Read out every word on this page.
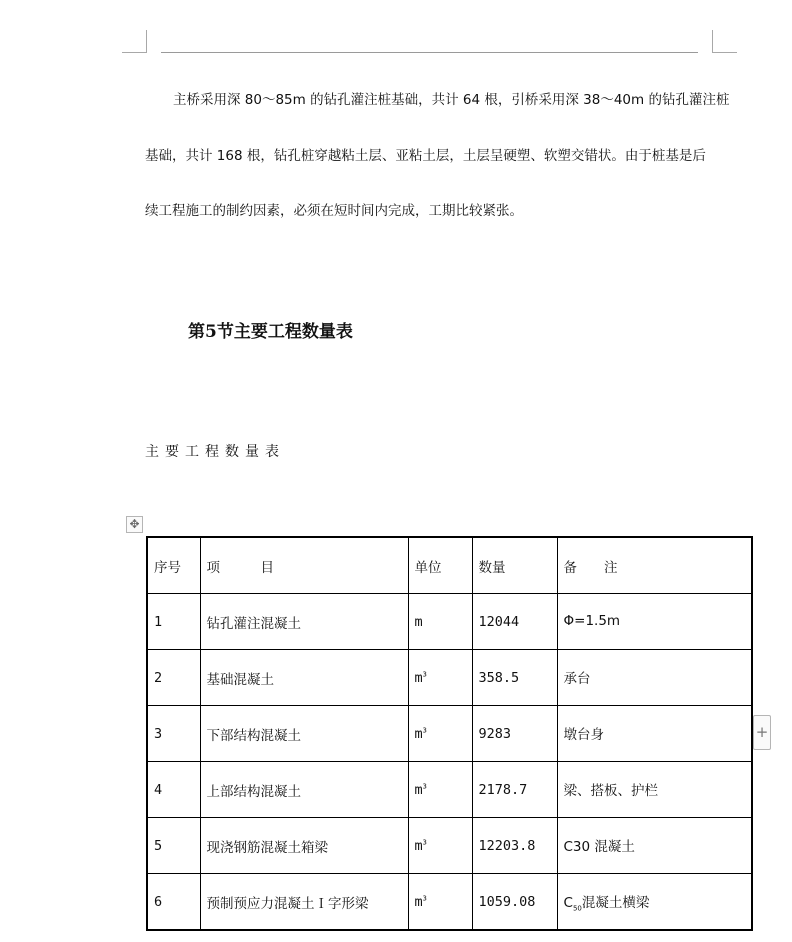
主桥采用深 80～85m 的钻孔灌注桩基础，共计 64 根，引桥采用深 38～40m 的钻孔灌注桩

基础，共计 168 根，钻孔桩穿越粘土层、亚粘土层，土层呈硬塑、软塑交错状。由于桩基是后

续工程施工的制约因素，必须在短时间内完成，工期比较紧张。

第5节主要工程数量表

主要工程数量表

✥
序号	项　　　目	单位	数量	备　　注
1	钻孔灌注混凝土	m	12044	Φ=1.5m
2	基础混凝土	$m^3$	358.5	承台
3	下部结构混凝土	$m^3$	9283	墩台身
4	上部结构混凝土	$m^3$	2178.7	梁、搭板、护栏
5	现浇钢筋混凝土箱梁	$m^3$	12203.8	C30 混凝土
6	预制预应力混凝土Ｉ字形梁	$m^3$	1059.08	$C_{50}$混凝土横梁
+
